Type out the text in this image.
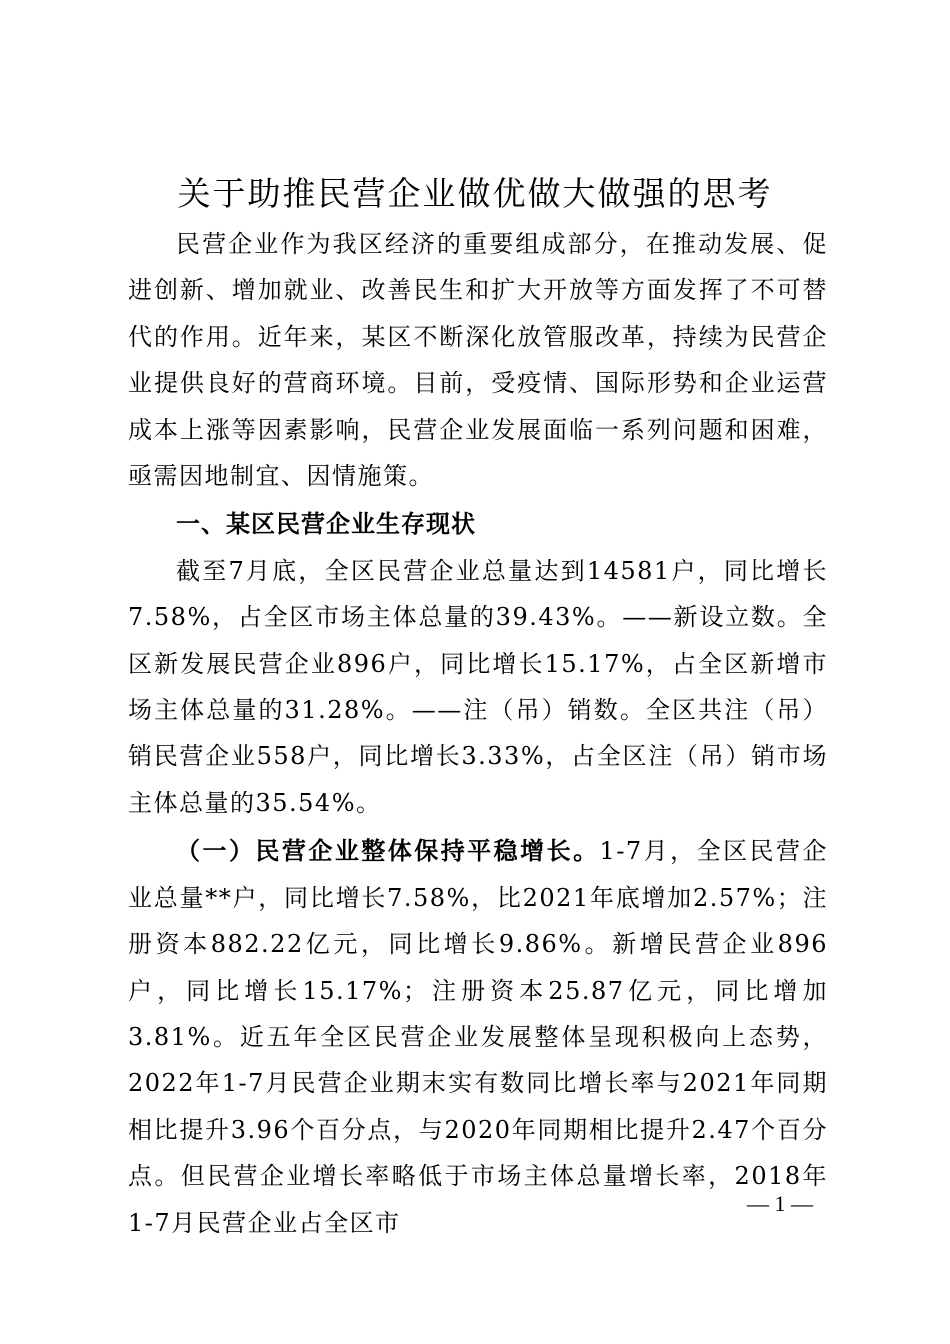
关于助推民营企业做优做大做强的思考

民营企业作为我区经济的重要组成部分，在推动发展、促进创新、增加就业、改善民生和扩大开放等方面发挥了不可替代的作用。近年来，某区不断深化放管服改革，持续为民营企业提供良好的营商环境。目前，受疫情、国际形势和企业运营成本上涨等因素影响，民营企业发展面临一系列问题和困难，亟需因地制宜、因情施策。

一、某区民营企业生存现状

截至7月底，全区民营企业总量达到14581户，同比增长7.58%，占全区市场主体总量的39.43%。——新设立数。全区新发展民营企业896户，同比增长15.17%，占全区新增市场主体总量的31.28%。——注（吊）销数。全区共注（吊）销民营企业558户，同比增长3.33%，占全区注（吊）销市场主体总量的35.54%。

（一）民营企业整体保持平稳增长。1-7月，全区民营企业总量**户，同比增长7.58%，比2021年底增加2.57%；注册资本882.22亿元，同比增长9.86%。新增民营企业896户，同比增长15.17%；注册资本25.87亿元，同比增加3.81%。近五年全区民营企业发展整体呈现积极向上态势，2022年1-7月民营企业期末实有数同比增长率与2021年同期相比提升3.96个百分点，与2020年同期相比提升2.47个百分点。但民营企业增长率略低于市场主体总量增长率，2018年1-7月民营企业占全区市

— 1 —
